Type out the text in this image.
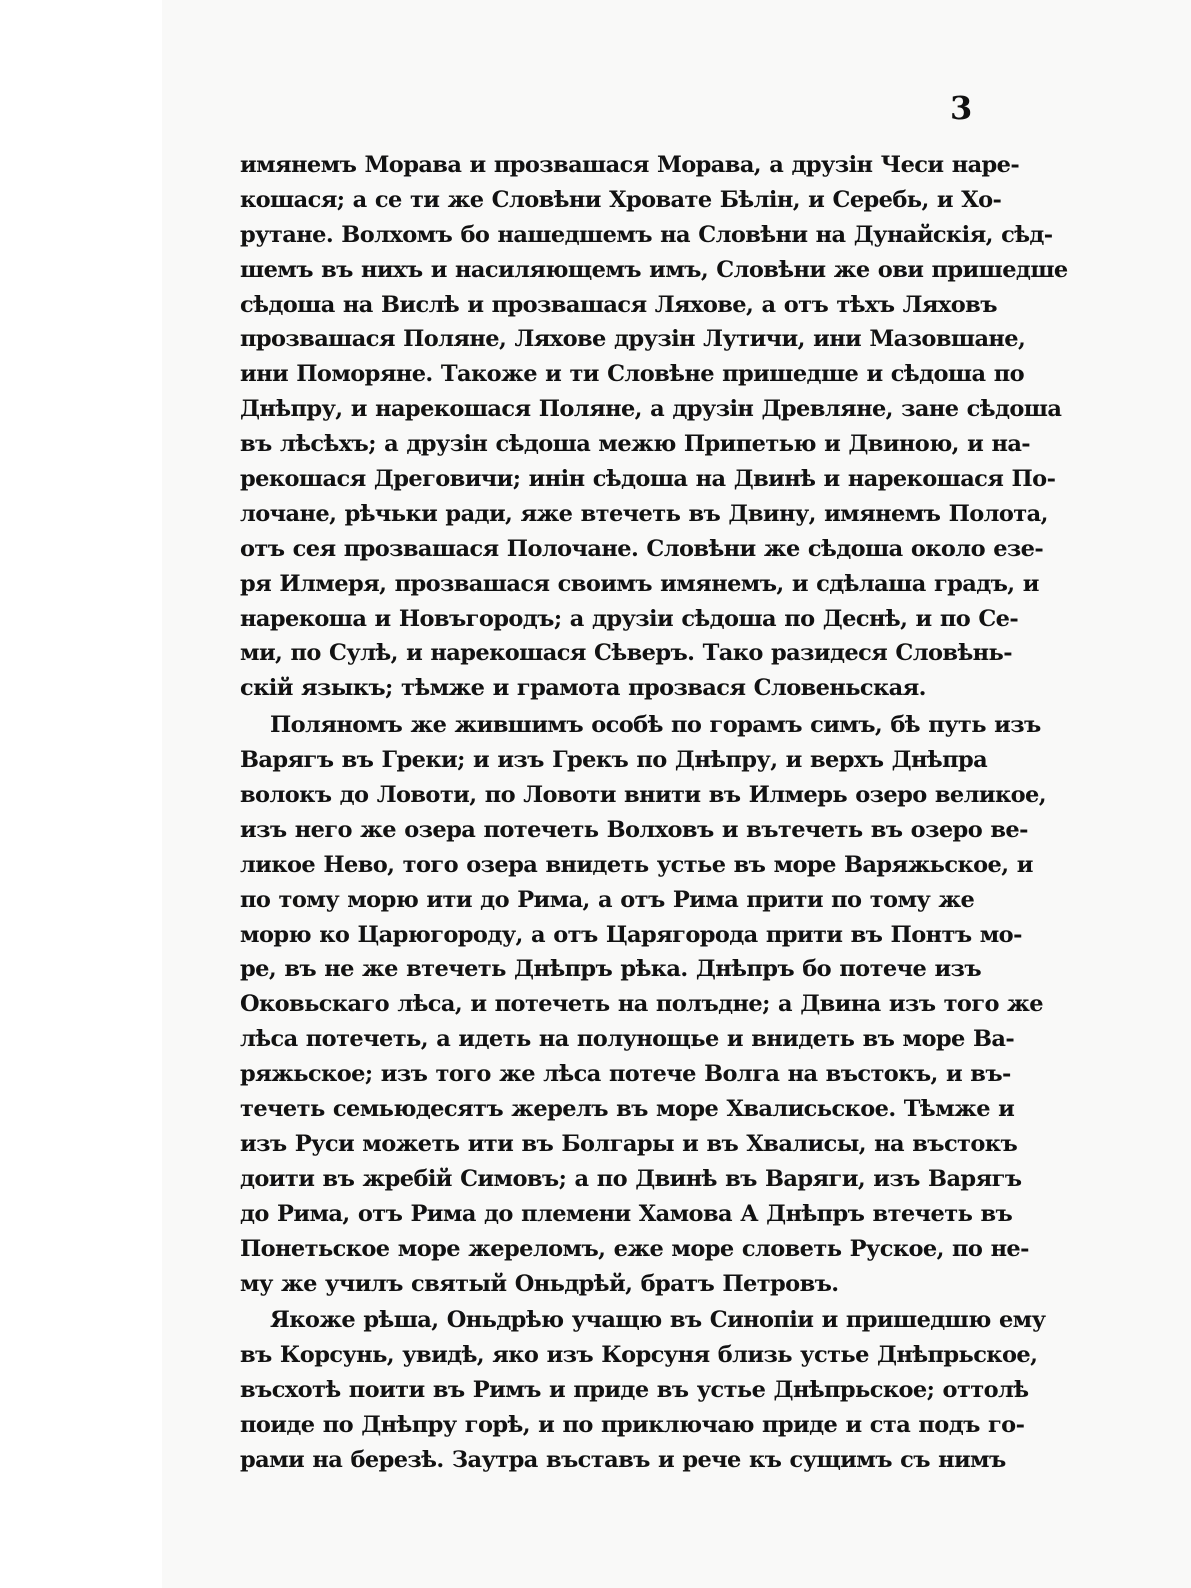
3
имянемъ Морава и прозвашася Морава, а друзін Чеси наре-
кошася; а се ти же Словѣни Хровате Бѣлін, и Серебь, и Хо-
рутане. Волхомъ бо нашедшемъ на Словѣни на Дунайскія, сѣд-
шемъ въ нихъ и насиляющемъ имъ, Словѣни же ови пришедше
сѣдоша на Вислѣ и прозвашася Ляхове, а отъ тѣхъ Ляховъ
прозвашася Поляне, Ляхове друзін Лутичи, ини Мазовшане,
ини Поморяне. Такоже и ти Словѣне пришедше и сѣдоша по
Днѣпру, и нарекошася Поляне, а друзін Древляне, зане сѣдоша
въ лѣсѣхъ; а друзін сѣдоша межю Припетью и Двиною, и на-
рекошася Дреговичи; инін сѣдоша на Двинѣ и нарекошася По-
лочане, рѣчьки ради, яже втечеть въ Двину, имянемъ Полота,
отъ сея прозвашася Полочане. Словѣни же сѣдоша около езе-
ря Илмеря, прозвашася своимъ имянемъ, и сдѣлаша градъ, и
нарекоша и Новъгородъ; а друзіи сѣдоша по Деснѣ, и по Се-
ми, по Сулѣ, и нарекошася Сѣверъ. Тако разидеся Словѣнь-
скій языкъ; тѣмже и грамота прозвася Словеньская.
Поляномъ же жившимъ особѣ по горамъ симъ, бѣ путь изъ
Варягъ въ Греки; и изъ Грекъ по Днѣпру, и верхъ Днѣпра
волокъ до Ловоти, по Ловоти внити въ Илмерь озеро великое,
изъ него же озера потечеть Волховъ и вътечеть въ озеро ве-
ликое Нево, того озера внидеть устье въ море Варяжьское, и
по тому морю ити до Рима, а отъ Рима прити по тому же
морю ко Царюгороду, а отъ Царягорода прити въ Понтъ мо-
ре, въ не же втечеть Днѣпръ рѣка. Днѣпръ бо потече изъ
Оковьскаго лѣса, и потечеть на полъдне; а Двина изъ того же
лѣса потечеть, а идеть на полунощье и внидеть въ море Ва-
ряжьское; изъ того же лѣса потече Волга на въстокъ, и въ-
течеть семьюдесятъ жерелъ въ море Хвалисьское. Тѣмже и
изъ Руси можеть ити въ Болгары и въ Хвалисы, на въстокъ
доити въ жребій Симовъ; а по Двинѣ въ Варяги, изъ Варягъ
до Рима, отъ Рима до племени Хамова А Днѣпръ втечеть въ
Понетьское море жереломъ, еже море словеть Руское, по не-
му же училъ святый Оньдрѣй, братъ Петровъ.
Якоже рѣша, Оньдрѣю учащю въ Синопіи и пришедшю ему
въ Корсунь, увидѣ, яко изъ Корсуня близь устье Днѣпрьское,
въсхотѣ поити въ Римъ и приде въ устье Днѣпрьское; оттолѣ
поиде по Днѣпру горѣ, и по приключаю приде и ста подъ го-
рами на березѣ. Заутра въставъ и рече къ сущимъ съ нимъ
